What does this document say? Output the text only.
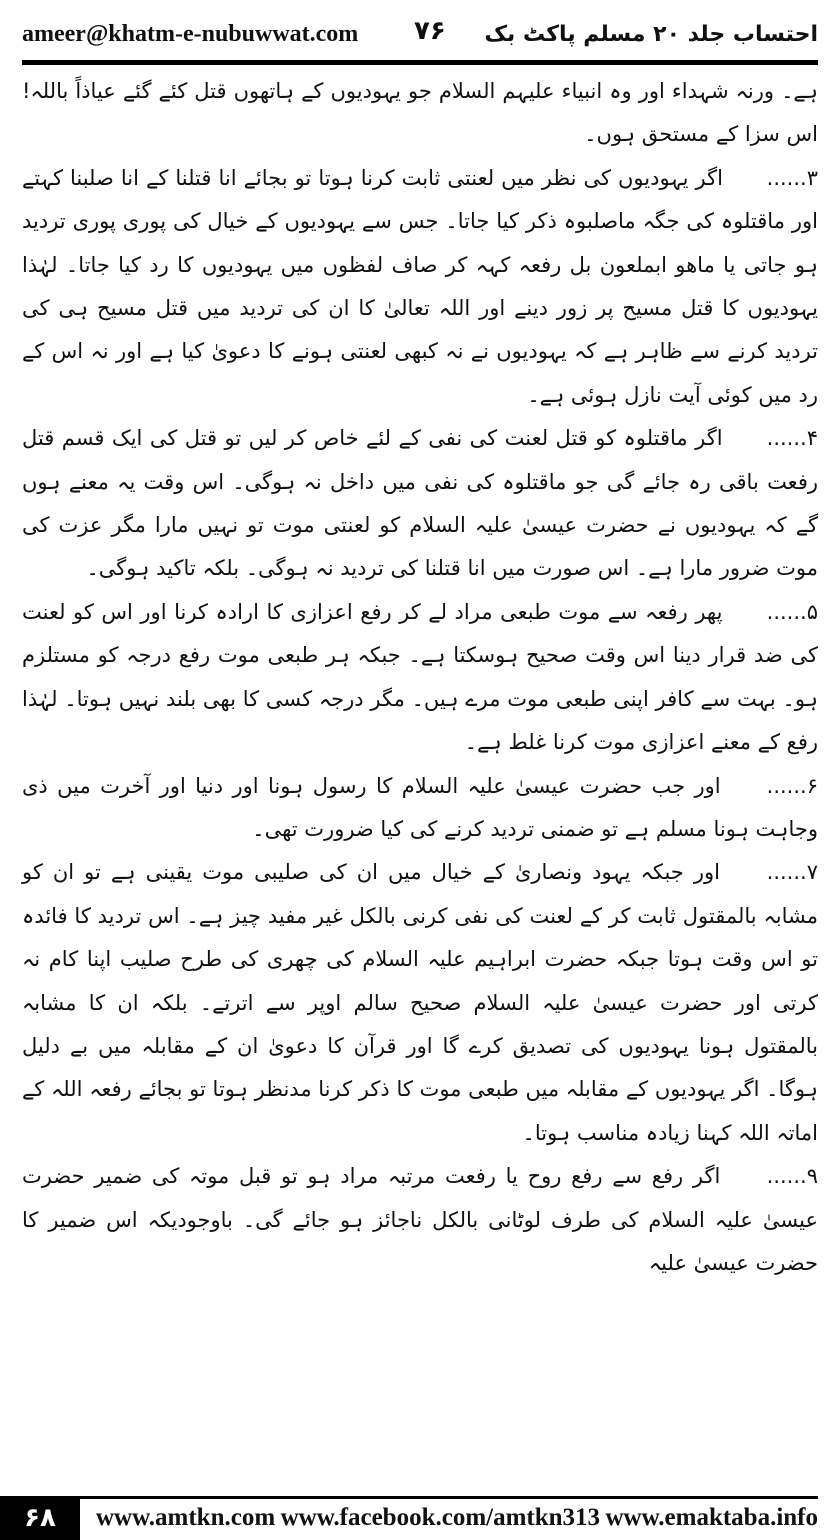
ameer@khatm-e-nubuwwat.com ۷۶ احتساب جلد ۲۰ مسلم پاکٹ بک

ہے۔ ورنہ شہداء اور وہ انبیاء علیہم السلام جو یہودیوں کے ہاتھوں قتل کئے گئے عیاذاً باللہ! اس سزا کے مستحق ہوں۔

۳...... اگر یہودیوں کی نظر میں لعنتی ثابت کرنا ہوتا تو بجائے انا قتلنا کے انا صلبنا کہتے اور ماقتلوہ کی جگہ ماصلبوہ ذکر کیا جاتا۔ جس سے یہودیوں کے خیال کی پوری پوری تردید ہو جاتی یا ماھو ابملعون بل رفعہ کہہ کر صاف لفظوں میں یہودیوں کا رد کیا جاتا۔ لہٰذا یہودیوں کا قتل مسیح پر زور دینے اور اللہ تعالیٰ کا ان کی تردید میں قتل مسیح ہی کی تردید کرنے سے ظاہر ہے کہ یہودیوں نے نہ کبھی لعنتی ہونے کا دعویٰ کیا ہے اور نہ اس کے رد میں کوئی آیت نازل ہوئی ہے۔

۴...... اگر ماقتلوہ کو قتل لعنت کی نفی کے لئے خاص کر لیں تو قتل کی ایک قسم قتل رفعت باقی رہ جائے گی جو ماقتلوہ کی نفی میں داخل نہ ہوگی۔ اس وقت یہ معنے ہوں گے کہ یہودیوں نے حضرت عیسیٰ علیہ السلام کو لعنتی موت تو نہیں مارا مگر عزت کی موت ضرور مارا ہے۔ اس صورت میں انا قتلنا کی تردید نہ ہوگی۔ بلکہ تاکید ہوگی۔

۵...... پھر رفعہ سے موت طبعی مراد لے کر رفع اعزازی کا ارادہ کرنا اور اس کو لعنت کی ضد قرار دینا اس وقت صحیح ہوسکتا ہے۔ جبکہ ہر طبعی موت رفع درجہ کو مستلزم ہو۔ بہت سے کافر اپنی طبعی موت مرے ہیں۔ مگر درجہ کسی کا بھی بلند نہیں ہوتا۔ لہٰذا رفع کے معنے اعزازی موت کرنا غلط ہے۔

۶...... اور جب حضرت عیسیٰ علیہ السلام کا رسول ہونا اور دنیا اور آخرت میں ذی وجاہت ہونا مسلم ہے تو ضمنی تردید کرنے کی کیا ضرورت تھی۔

۷...... اور جبکہ یہود ونصاریٰ کے خیال میں ان کی صلیبی موت یقینی ہے تو ان کو مشابہ بالمقتول ثابت کر کے لعنت کی نفی کرنی بالکل غیر مفید چیز ہے۔ اس تردید کا فائدہ تو اس وقت ہوتا جبکہ حضرت ابراہیم علیہ السلام کی چھری کی طرح صلیب اپنا کام نہ کرتی اور حضرت عیسیٰ علیہ السلام صحیح سالم اوپر سے اترتے۔ بلکہ ان کا مشابہ بالمقتول ہونا یہودیوں کی تصدیق کرے گا اور قرآن کا دعویٰ ان کے مقابلہ میں بے دلیل ہوگا۔ اگر یہودیوں کے مقابلہ میں طبعی موت کا ذکر کرنا مدنظر ہوتا تو بجائے رفعہ اللہ کے اماتہ اللہ کہنا زیادہ مناسب ہوتا۔

۹...... اگر رفع سے رفع روح یا رفعت مرتبہ مراد ہو تو قبل موتہ کی ضمیر حضرت عیسیٰ علیہ السلام کی طرف لوٹانی بالکل ناجائز ہو جائے گی۔ باوجودیکہ اس ضمیر کا حضرت عیسیٰ علیہ

۶۸	www.amtkn.com www.facebook.com/amtkn313 www.emaktaba.info
